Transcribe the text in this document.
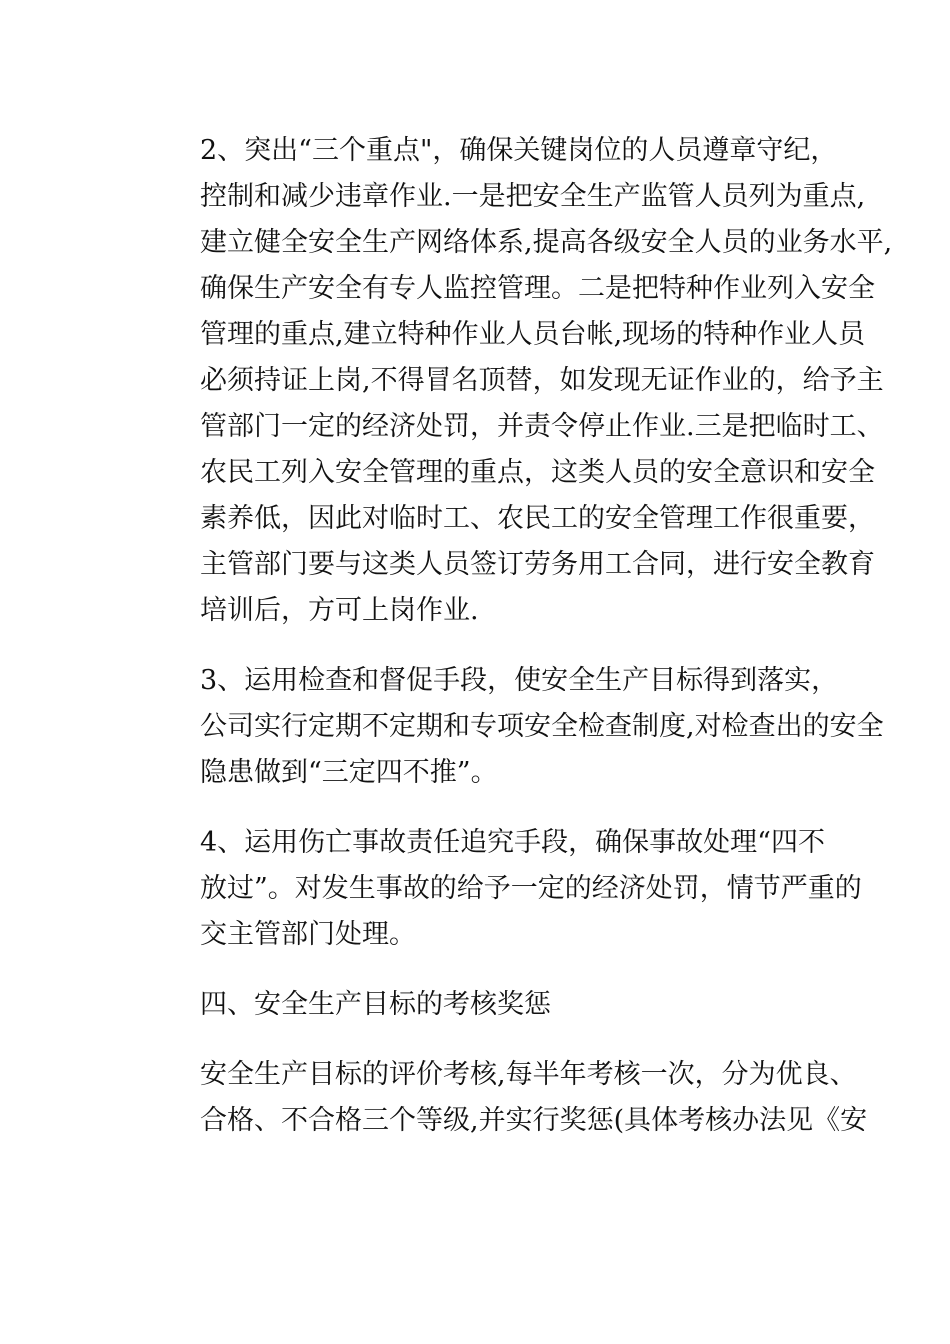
2、突出“三个重点"，确保关键岗位的人员遵章守纪，
控制和减少违章作业.一是把安全生产监管人员列为重点,
建立健全安全生产网络体系,提高各级安全人员的业务水平,
确保生产安全有专人监控管理。二是把特种作业列入安全
管理的重点,建立特种作业人员台帐,现场的特种作业人员
必须持证上岗,不得冒名顶替，如发现无证作业的，给予主
管部门一定的经济处罚，并责令停止作业.三是把临时工、
农民工列入安全管理的重点，这类人员的安全意识和安全
素养低，因此对临时工、农民工的安全管理工作很重要，
主管部门要与这类人员签订劳务用工合同，进行安全教育
培训后，方可上岗作业.
3、运用检查和督促手段，使安全生产目标得到落实，
公司实行定期不定期和专项安全检查制度,对检查出的安全
隐患做到“三定四不推”。
4、运用伤亡事故责任追究手段，确保事故处理“四不
放过”。对发生事故的给予一定的经济处罚，情节严重的
交主管部门处理。
四、安全生产目标的考核奖惩
安全生产目标的评价考核,每半年考核一次，分为优良、
合格、不合格三个等级,并实行奖惩(具体考核办法见《安
